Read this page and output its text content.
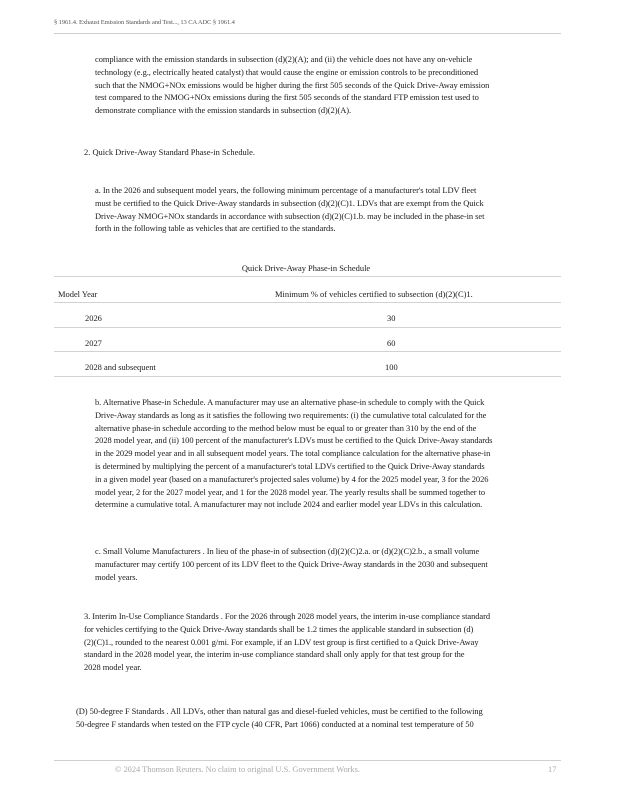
§ 1961.4. Exhaust Emission Standards and Test..., 13 CA ADC § 1961.4

compliance with the emission standards in subsection (d)(2)(A); and (ii) the vehicle does not have any on-vehicle
technology (e.g., electrically heated catalyst) that would cause the engine or emission controls to be preconditioned
such that the NMOG+NOx emissions would be higher during the first 505 seconds of the Quick Drive-Away emission
test compared to the NMOG+NOx emissions during the first 505 seconds of the standard FTP emission test used to
demonstrate compliance with the emission standards in subsection (d)(2)(A).

2. Quick Drive-Away Standard Phase-in Schedule.

a. In the 2026 and subsequent model years, the following minimum percentage of a manufacturer's total LDV fleet
must be certified to the Quick Drive-Away standards in subsection (d)(2)(C)1. LDVs that are exempt from the Quick
Drive-Away NMOG+NOx standards in accordance with subsection (d)(2)(C)1.b. may be included in the phase-in set
forth in the following table as vehicles that are certified to the standards.

Quick Drive-Away Phase-in Schedule
Model Year	Minimum % of vehicles certified to subsection (d)(2)(C)1.
2026	30
2027	60
2028 and subsequent	100

b. Alternative Phase-in Schedule. A manufacturer may use an alternative phase-in schedule to comply with the Quick
Drive-Away standards as long as it satisfies the following two requirements: (i) the cumulative total calculated for the
alternative phase-in schedule according to the method below must be equal to or greater than 310 by the end of the
2028 model year, and (ii) 100 percent of the manufacturer's LDVs must be certified to the Quick Drive-Away standards
in the 2029 model year and in all subsequent model years. The total compliance calculation for the alternative phase-in
is determined by multiplying the percent of a manufacturer's total LDVs certified to the Quick Drive-Away standards
in a given model year (based on a manufacturer's projected sales volume) by 4 for the 2025 model year, 3 for the 2026
model year, 2 for the 2027 model year, and 1 for the 2028 model year. The yearly results shall be summed together to
determine a cumulative total. A manufacturer may not include 2024 and earlier model year LDVs in this calculation.

c. Small Volume Manufacturers . In lieu of the phase-in of subsection (d)(2)(C)2.a. or (d)(2)(C)2.b., a small volume
manufacturer may certify 100 percent of its LDV fleet to the Quick Drive-Away standards in the 2030 and subsequent
model years.

3. Interim In-Use Compliance Standards . For the 2026 through 2028 model years, the interim in-use compliance standard
for vehicles certifying to the Quick Drive-Away standards shall be 1.2 times the applicable standard in subsection (d)
(2)(C)1., rounded to the nearest 0.001 g/mi. For example, if an LDV test group is first certified to a Quick Drive-Away
standard in the 2028 model year, the interim in-use compliance standard shall only apply for that test group for the
2028 model year.

(D) 50-degree F Standards . All LDVs, other than natural gas and diesel-fueled vehicles, must be certified to the following
50-degree F standards when tested on the FTP cycle (40 CFR, Part 1066) conducted at a nominal test temperature of 50

© 2024 Thomson Reuters. No claim to original U.S. Government Works.	17
